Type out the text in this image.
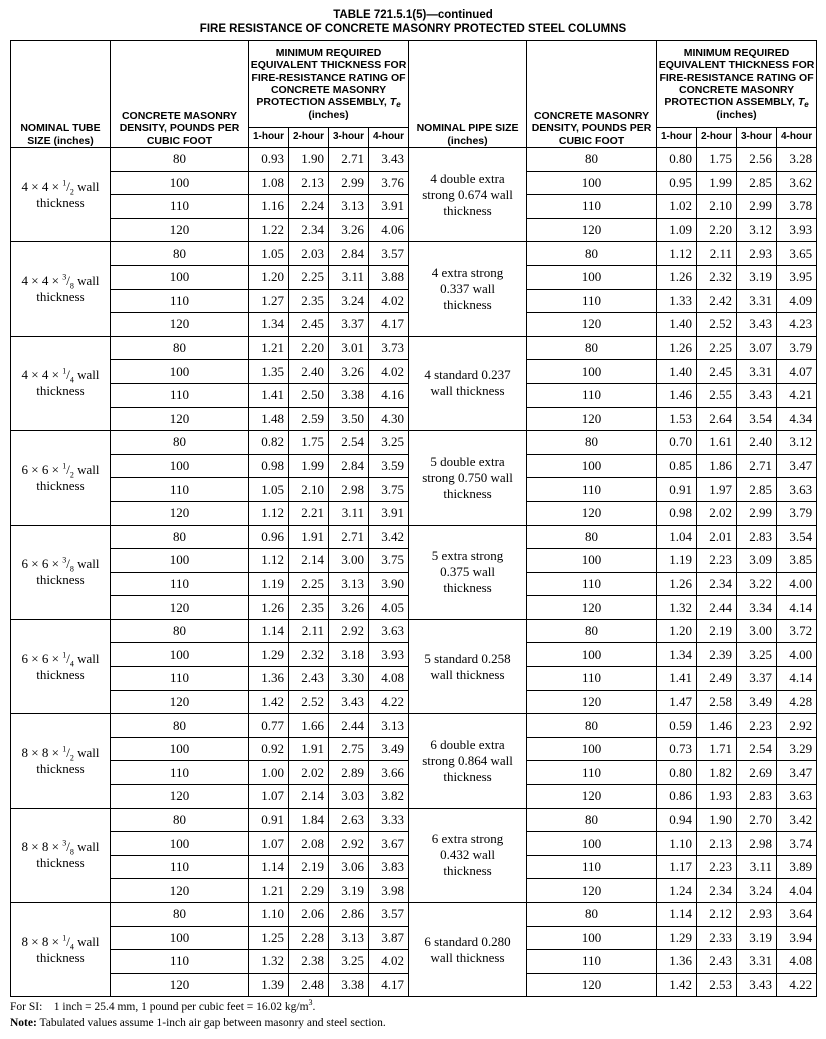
TABLE 721.5.1(5)—continued
FIRE RESISTANCE OF CONCRETE MASONRY PROTECTED STEEL COLUMNS
NOMINAL TUBE SIZE (inches)	CONCRETE MASONRY DENSITY, POUNDS PER CUBIC FOOT	MINIMUM REQUIRED EQUIVALENT THICKNESS FOR FIRE-RESISTANCE RATING OF CONCRETE MASONRY PROTECTION ASSEMBLY, $T_e$ (inches)				NOMINAL PIPE SIZE (inches)	CONCRETE MASONRY DENSITY, POUNDS PER CUBIC FOOT	MINIMUM REQUIRED EQUIVALENT THICKNESS FOR FIRE-RESISTANCE RATING OF CONCRETE MASONRY PROTECTION ASSEMBLY, $T_e$ (inches)			
		1-hour	2-hour	3-hour	4-hour			1-hour	2-hour	3-hour	4-hour
$4 \times 4 \times ^1/_2$ wall thickness	80	0.93	1.90	2.71	3.43	4 double extra strong 0.674 wall thickness	80	0.80	1.75	2.56	3.28
	100	1.08	2.13	2.99	3.76		100	0.95	1.99	2.85	3.62
	110	1.16	2.24	3.13	3.91		110	1.02	2.10	2.99	3.78
	120	1.22	2.34	3.26	4.06		120	1.09	2.20	3.12	3.93
$4 \times 4 \times ^3/_8$ wall thickness	80	1.05	2.03	2.84	3.57	4 extra strong 0.337 wall thickness	80	1.12	2.11	2.93	3.65
	100	1.20	2.25	3.11	3.88		100	1.26	2.32	3.19	3.95
	110	1.27	2.35	3.24	4.02		110	1.33	2.42	3.31	4.09
	120	1.34	2.45	3.37	4.17		120	1.40	2.52	3.43	4.23
$4 \times 4 \times ^1/_4$ wall thickness	80	1.21	2.20	3.01	3.73	4 standard 0.237 wall thickness	80	1.26	2.25	3.07	3.79
	100	1.35	2.40	3.26	4.02		100	1.40	2.45	3.31	4.07
	110	1.41	2.50	3.38	4.16		110	1.46	2.55	3.43	4.21
	120	1.48	2.59	3.50	4.30		120	1.53	2.64	3.54	4.34
$6 \times 6 \times ^1/_2$ wall thickness	80	0.82	1.75	2.54	3.25	5 double extra strong 0.750 wall thickness	80	0.70	1.61	2.40	3.12
	100	0.98	1.99	2.84	3.59		100	0.85	1.86	2.71	3.47
	110	1.05	2.10	2.98	3.75		110	0.91	1.97	2.85	3.63
	120	1.12	2.21	3.11	3.91		120	0.98	2.02	2.99	3.79
$6 \times 6 \times ^3/_8$ wall thickness	80	0.96	1.91	2.71	3.42	5 extra strong 0.375 wall thickness	80	1.04	2.01	2.83	3.54
	100	1.12	2.14	3.00	3.75		100	1.19	2.23	3.09	3.85
	110	1.19	2.25	3.13	3.90		110	1.26	2.34	3.22	4.00
	120	1.26	2.35	3.26	4.05		120	1.32	2.44	3.34	4.14
$6 \times 6 \times ^1/_4$ wall thickness	80	1.14	2.11	2.92	3.63	5 standard 0.258 wall thickness	80	1.20	2.19	3.00	3.72
	100	1.29	2.32	3.18	3.93		100	1.34	2.39	3.25	4.00
	110	1.36	2.43	3.30	4.08		110	1.41	2.49	3.37	4.14
	120	1.42	2.52	3.43	4.22		120	1.47	2.58	3.49	4.28
$8 \times 8 \times ^1/_2$ wall thickness	80	0.77	1.66	2.44	3.13	6 double extra strong 0.864 wall thickness	80	0.59	1.46	2.23	2.92
	100	0.92	1.91	2.75	3.49		100	0.73	1.71	2.54	3.29
	110	1.00	2.02	2.89	3.66		110	0.80	1.82	2.69	3.47
	120	1.07	2.14	3.03	3.82		120	0.86	1.93	2.83	3.63
$8 \times 8 \times ^3/_8$ wall thickness	80	0.91	1.84	2.63	3.33	6 extra strong 0.432 wall thickness	80	0.94	1.90	2.70	3.42
	100	1.07	2.08	2.92	3.67		100	1.10	2.13	2.98	3.74
	110	1.14	2.19	3.06	3.83		110	1.17	2.23	3.11	3.89
	120	1.21	2.29	3.19	3.98		120	1.24	2.34	3.24	4.04
$8 \times 8 \times ^1/_4$ wall thickness	80	1.10	2.06	2.86	3.57	6 standard 0.280 wall thickness	80	1.14	2.12	2.93	3.64
	100	1.25	2.28	3.13	3.87		100	1.29	2.33	3.19	3.94
	110	1.32	2.38	3.25	4.02		110	1.36	2.43	3.31	4.08
	120	1.39	2.48	3.38	4.17		120	1.42	2.53	3.43	4.22
For SI: 1 inch = 25.4 mm, 1 pound per cubic feet = 16.02 $kg/m^3$.
Note: Tabulated values assume 1-inch air gap between masonry and steel section.
